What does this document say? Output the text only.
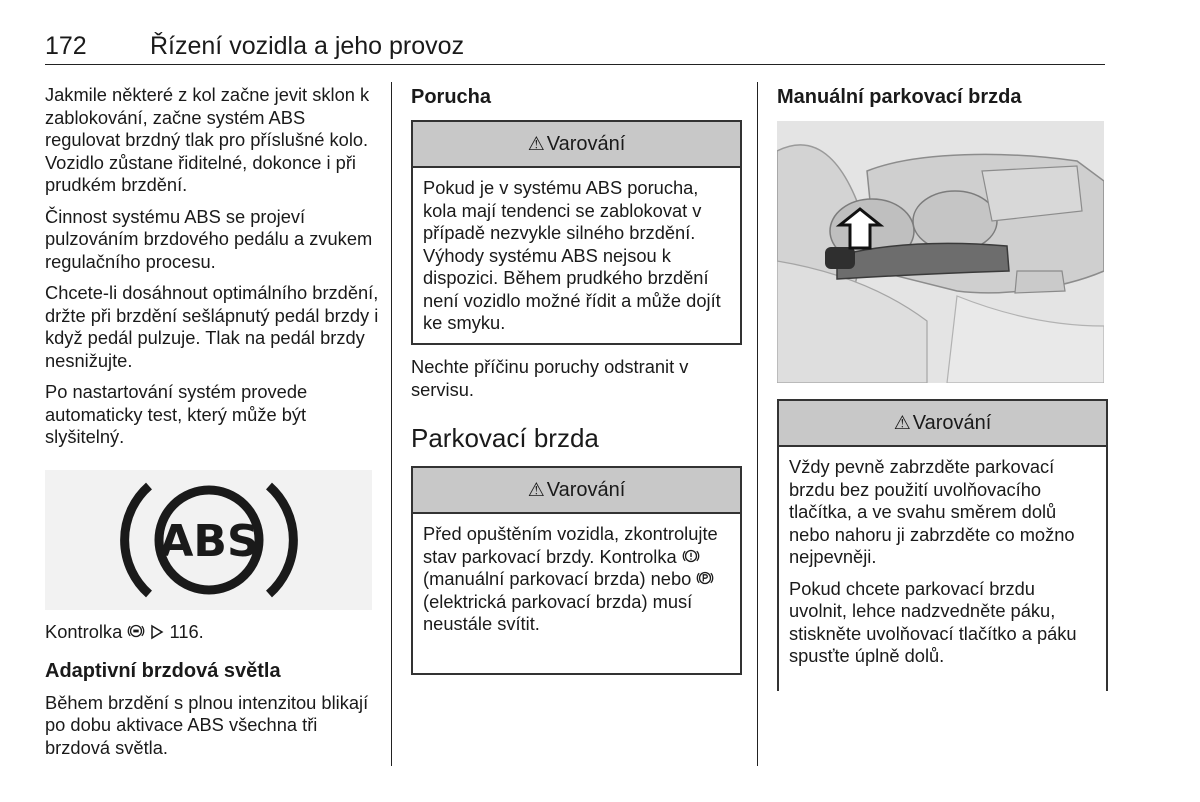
172	Řízení vozidla a jeho provoz

Jakmile některé z kol začne jevit sklon k zablokování, začne systém ABS regulovat brzdný tlak pro příslušné kolo. Vozidlo zůstane řiditelné, dokonce i při prudkém brzdění.

Činnost systému ABS se projeví pulzováním brzdového pedálu a zvukem regulačního procesu.

Chcete-li dosáhnout optimálního brzdění, držte při brzdění sešlápnutý pedál brzdy i když pedál pulzuje. Tlak na pedál brzdy nesnižujte.

Po nastartování systém provede automaticky test, který může být slyšitelný.

ABS

Kontrolka	116.

Adaptivní brzdová světla

Během brzdění s plnou intenzitou blikají po dobu aktivace ABS všechna tři brzdová světla.

Porucha
⚠ Varování

Pokud je v systému ABS porucha, kola mají tendenci se zablokovat v případě nezvykle silného brzdění. Výhody systému ABS nejsou k dispozici. Během prudkého brzdění není vozidlo možné řídit a může dojít ke smyku.

Nechte příčinu poruchy odstranit v servisu.

Parkovací brzda
⚠ Varování

Před opuštěním vozidla, zkontrolujte stav parkovací brzdy. Kontrolka  (manuální parkovací brzda) nebo  (elektrická parkovací brzda) musí neustále svítit.

Manuální parkovací brzda
⚠ Varování

Vždy pevně zabrzděte parkovací brzdu bez použití uvolňovacího tlačítka, a ve svahu směrem dolů nebo nahoru ji zabrzděte co možno nejpevněji.

Pokud chcete parkovací brzdu uvolnit, lehce nadzvedněte páku, stiskněte uvolňovací tlačítko a páku spusťte úplně dolů.
